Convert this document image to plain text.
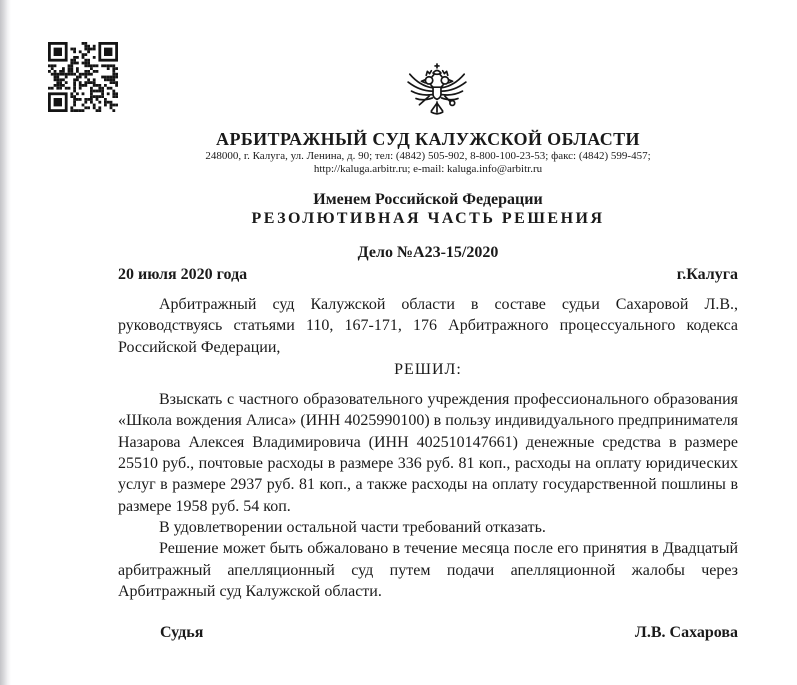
АРБИТРАЖНЫЙ СУД КАЛУЖСКОЙ ОБЛАСТИ
248000, г. Калуга, ул. Ленина, д. 90; тел: (4842) 505-902, 8-800-100-23-53; факс: (4842) 599-457;
http://kaluga.arbitr.ru; e-mail: kaluga.info@arbitr.ru
Именем Российской Федерации
РЕЗОЛЮТИВНАЯ ЧАСТЬ РЕШЕНИЯ
Дело №А23-15/2020
20 июля 2020 года	г.Калуга

Арбитражный суд Калужской области в составе судьи Сахаровой Л.В., руководствуясь статьями 110, 167-171, 176 Арбитражного процессуального кодекса Российской Федерации,

РЕШИЛ:

Взыскать с частного образовательного учреждения профессионального образования «Школа вождения Алиса» (ИНН 4025990100) в пользу индивидуального предпринимателя Назарова Алексея Владимировича (ИНН 402510147661) денежные средства в размере 25510 руб., почтовые расходы в размере 336 руб. 81 коп., расходы на оплату юридических услуг в размере 2937 руб. 81 коп., а также расходы на оплату государственной пошлины в размере 1958 руб. 54 коп.

В удовлетворении остальной части требований отказать.

Решение может быть обжаловано в течение месяца после его принятия в Двадцатый арбитражный апелляционный суд путем подачи апелляционной жалобы через Арбитражный суд Калужской области.

Судья	Л.В. Сахарова
